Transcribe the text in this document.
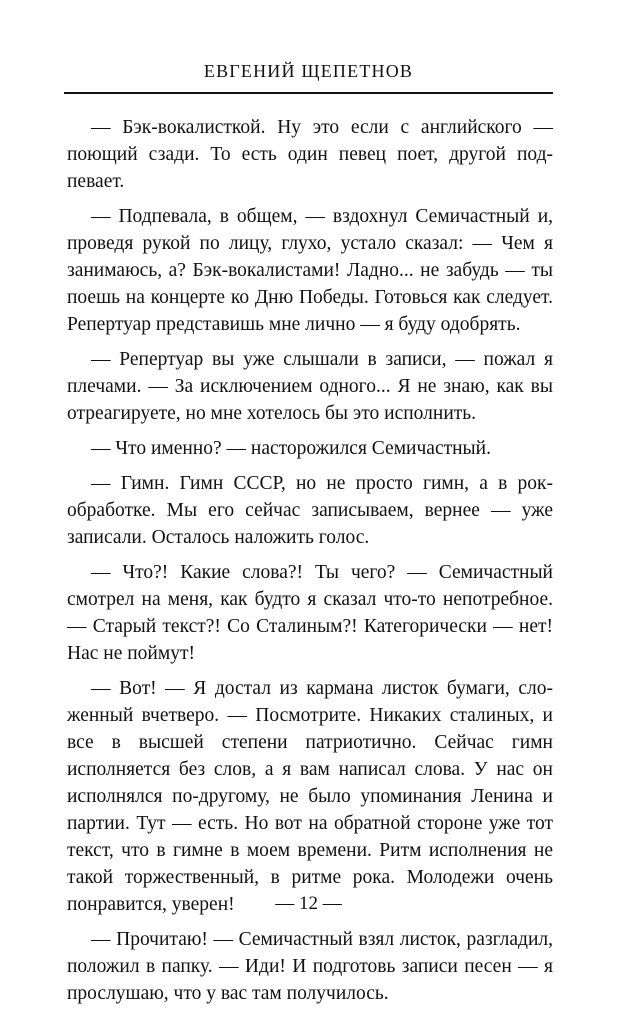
ЕВГЕНИЙ ЩЕПЕТНОВ

— Бэк-вокалисткой. Ну это если с английского — поющий сзади. То есть один певец поет, другой подпевает.

— Подпевала, в общем, — вздохнул Семичастный и, проведя рукой по лицу, глухо, устало сказал: — Чем я занимаюсь, а? Бэк-вокалистами! Ладно... не забудь — ты поешь на концерте ко Дню Победы. Готовься как следует. Репертуар представишь мне лично — я буду одобрять.

— Репертуар вы уже слышали в записи, — пожал я плечами. — За исключением одного... Я не знаю, как вы отреагируете, но мне хотелось бы это исполнить.

— Что именно? — насторожился Семичастный.

— Гимн. Гимн СССР, но не просто гимн, а в рок-обработке. Мы его сейчас записываем, вернее — уже записали. Осталось наложить голос.

— Что?! Какие слова?! Ты чего? — Семичастный смотрел на меня, как будто я сказал что-то непотребное. — Старый текст?! Со Сталиным?! Категорически — нет! Нас не поймут!

— Вот! — Я достал из кармана листок бумаги, сложенный вчетверо. — Посмотрите. Никаких сталиных, и все в высшей степени патриотично. Сейчас гимн исполняется без слов, а я вам написал слова. У нас он исполнялся по-другому, не было упоминания Ленина и партии. Тут — есть. Но вот на обратной стороне уже тот текст, что в гимне в моем времени. Ритм исполнения не такой торжественный, в ритме рока. Молодежи очень понравится, уверен!

— Прочитаю! — Семичастный взял листок, разгладил, положил в папку. — Иди! И подготовь записи песен — я прослушаю, что у вас там получилось.

— 12 —
